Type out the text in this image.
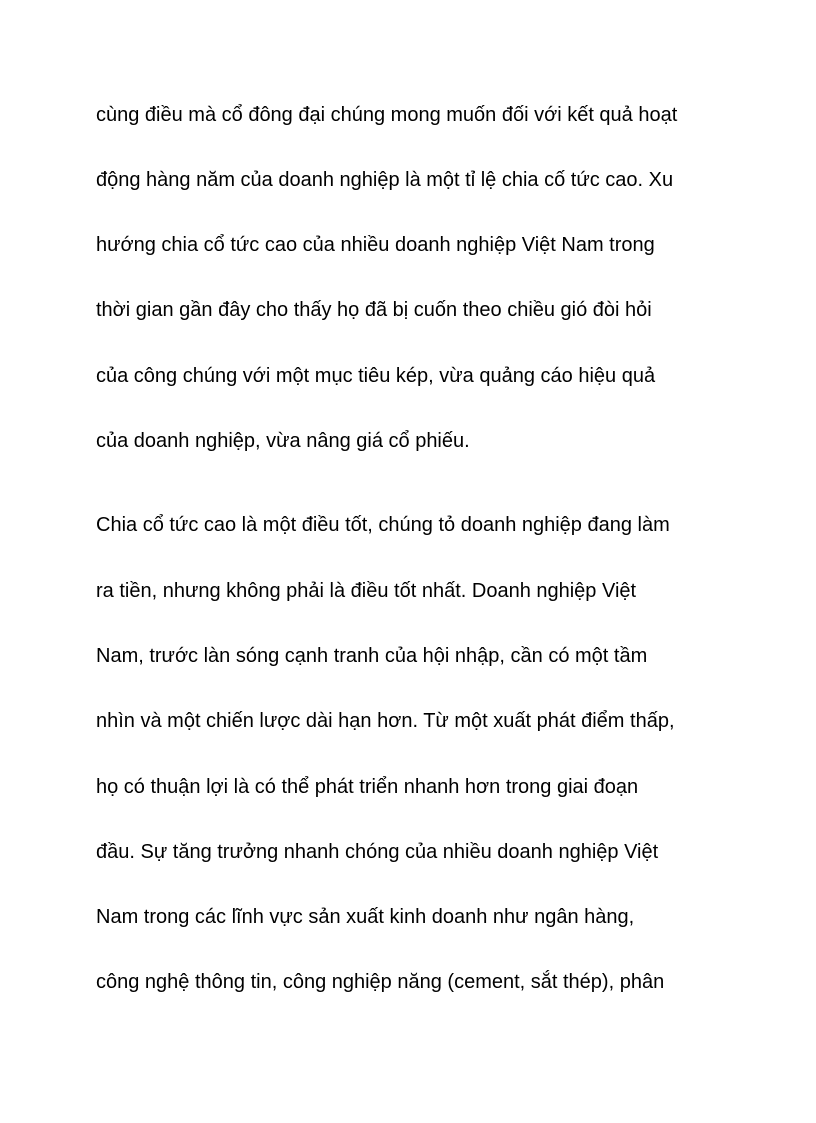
cùng điều mà cổ đông đại chúng mong muốn đối với kết quả hoạt
động hàng năm của doanh nghiệp là một tỉ lệ chia cố tức cao. Xu
hướng chia cổ tức cao của nhiều doanh nghiệp Việt Nam trong
thời gian gần đây cho thấy họ đã bị cuốn theo chiều gió đòi hỏi
của công chúng với một mục tiêu kép, vừa quảng cáo hiệu quả
của doanh nghiệp, vừa nâng giá cổ phiếu.
Chia cổ tức cao là một điều tốt, chúng tỏ doanh nghiệp đang làm
ra tiền, nhưng không phải là điều tốt nhất. Doanh nghiệp Việt
Nam, trước làn sóng cạnh tranh của hội nhập, cần có một tầm
nhìn và một chiến lược dài hạn hơn. Từ một xuất phát điểm thấp,
họ có thuận lợi là có thể phát triển nhanh hơn trong giai đoạn
đầu. Sự tăng trưởng nhanh chóng của nhiều doanh nghiệp Việt
Nam trong các lĩnh vực sản xuất kinh doanh như ngân hàng,
công nghệ thông tin, công nghiệp năng (cement, sắt thép), phân
